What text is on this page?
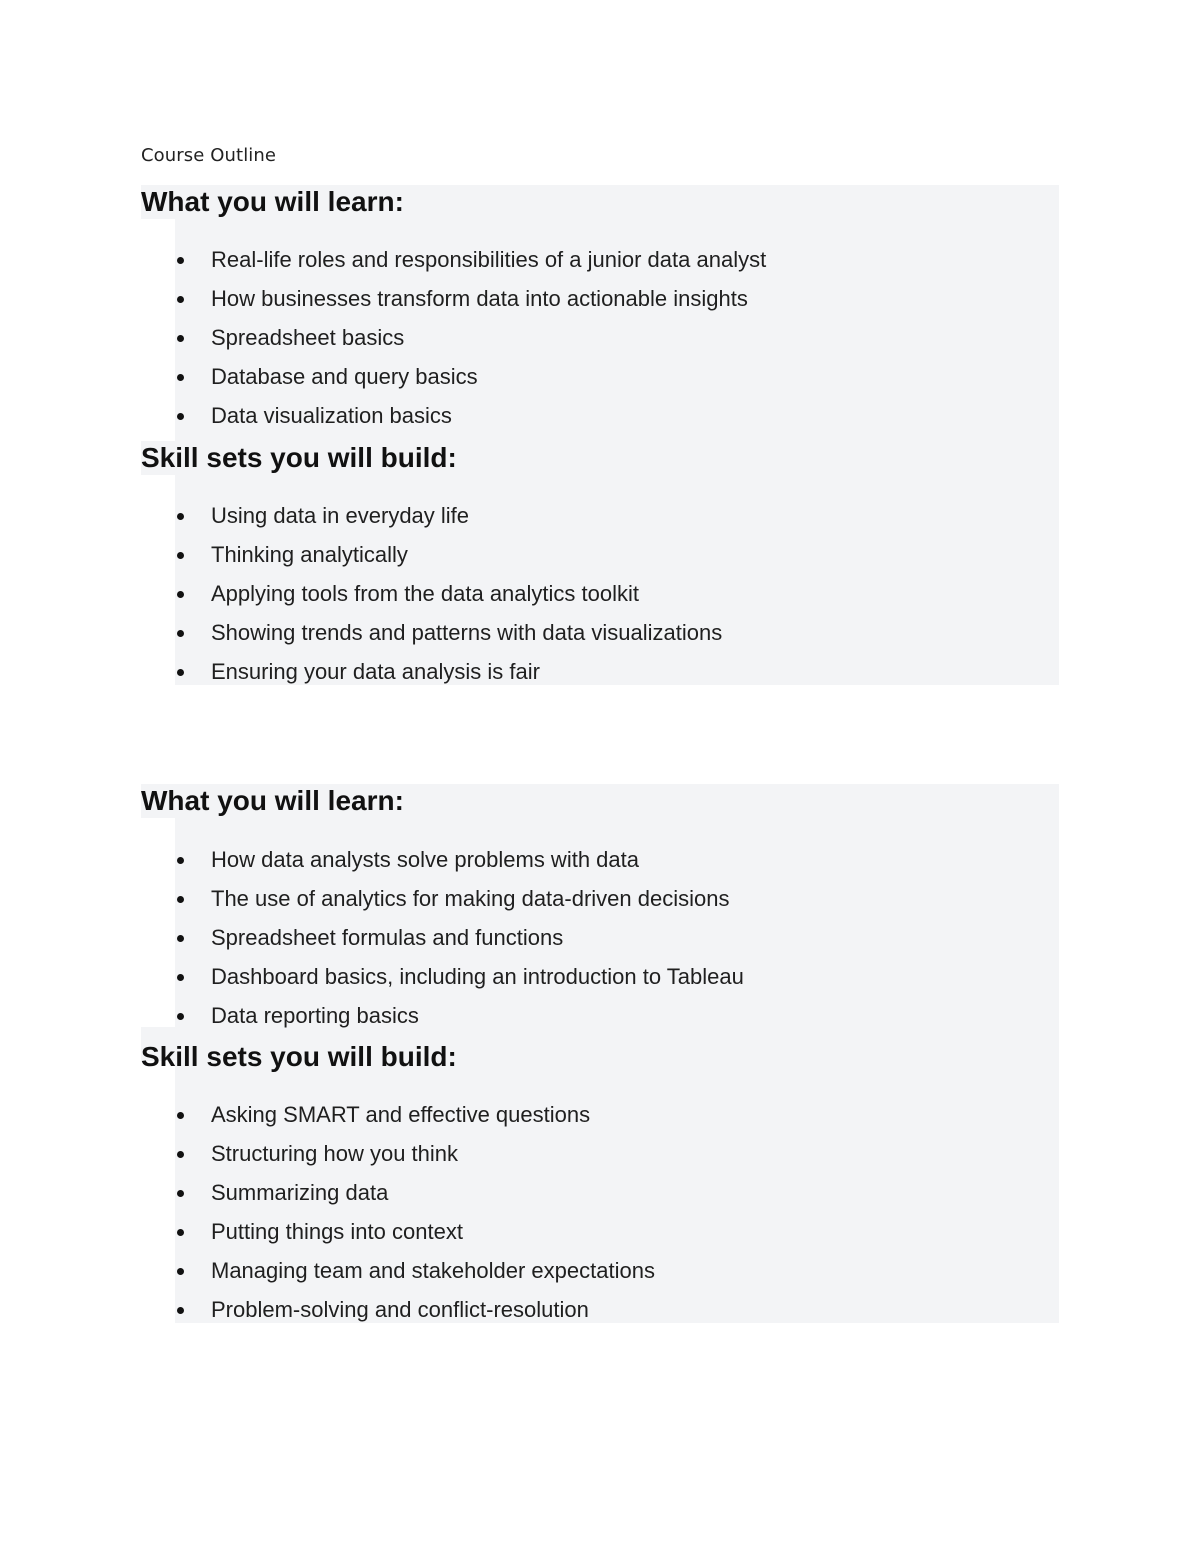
Course Outline
What you will learn:
Real-life roles and responsibilities of a junior data analyst
How businesses transform data into actionable insights
Spreadsheet basics
Database and query basics
Data visualization basics
Skill sets you will build:
Using data in everyday life
Thinking analytically
Applying tools from the data analytics toolkit
Showing trends and patterns with data visualizations
Ensuring your data analysis is fair
What you will learn:
How data analysts solve problems with data
The use of analytics for making data-driven decisions
Spreadsheet formulas and functions
Dashboard basics, including an introduction to Tableau
Data reporting basics
Skill sets you will build:
Asking SMART and effective questions
Structuring how you think
Summarizing data
Putting things into context
Managing team and stakeholder expectations
Problem-solving and conflict-resolution
